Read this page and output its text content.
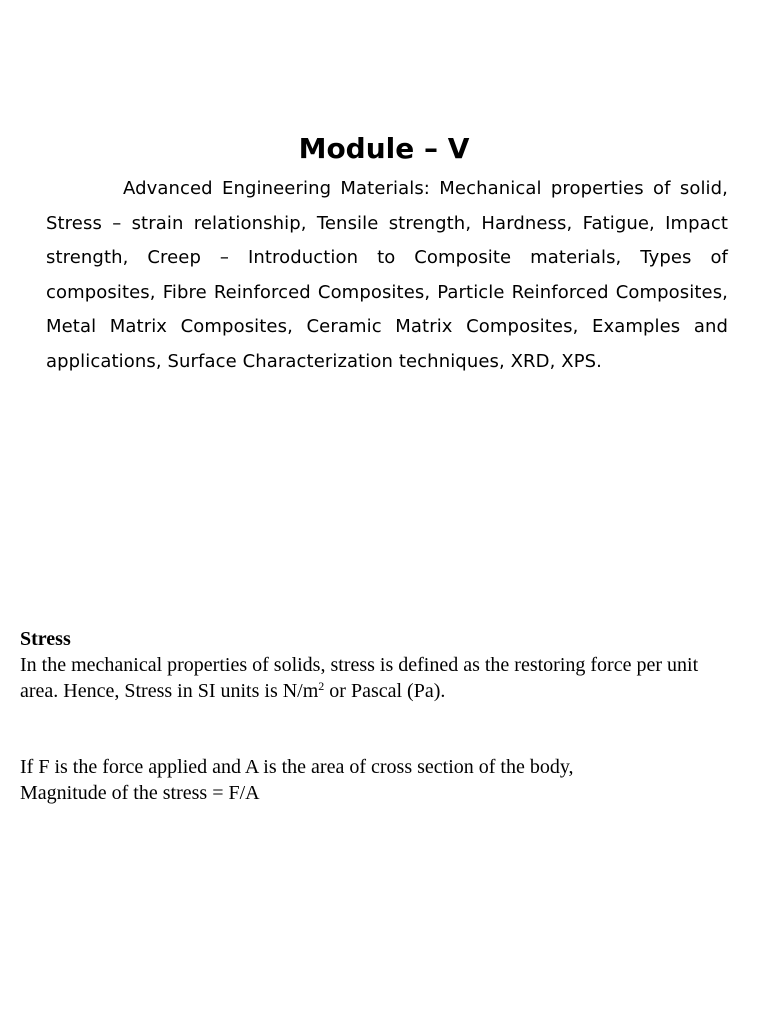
Module – V

Advanced Engineering Materials: Mechanical properties of solid, Stress – strain relationship, Tensile strength, Hardness, Fatigue, Impact strength, Creep – Introduction to Composite materials, Types of composites, Fibre Reinforced Composites, Particle Reinforced Composites, Metal Matrix Composites, Ceramic Matrix Composites, Examples and applications, Surface Characterization techniques, XRD, XPS.

Stress

In the mechanical properties of solids, stress is defined as the restoring force per unit area. Hence, Stress in SI units is $N/m^2$ or Pascal (Pa).

If F is the force applied and A is the area of cross section of the body,
Magnitude of the stress = F/A
